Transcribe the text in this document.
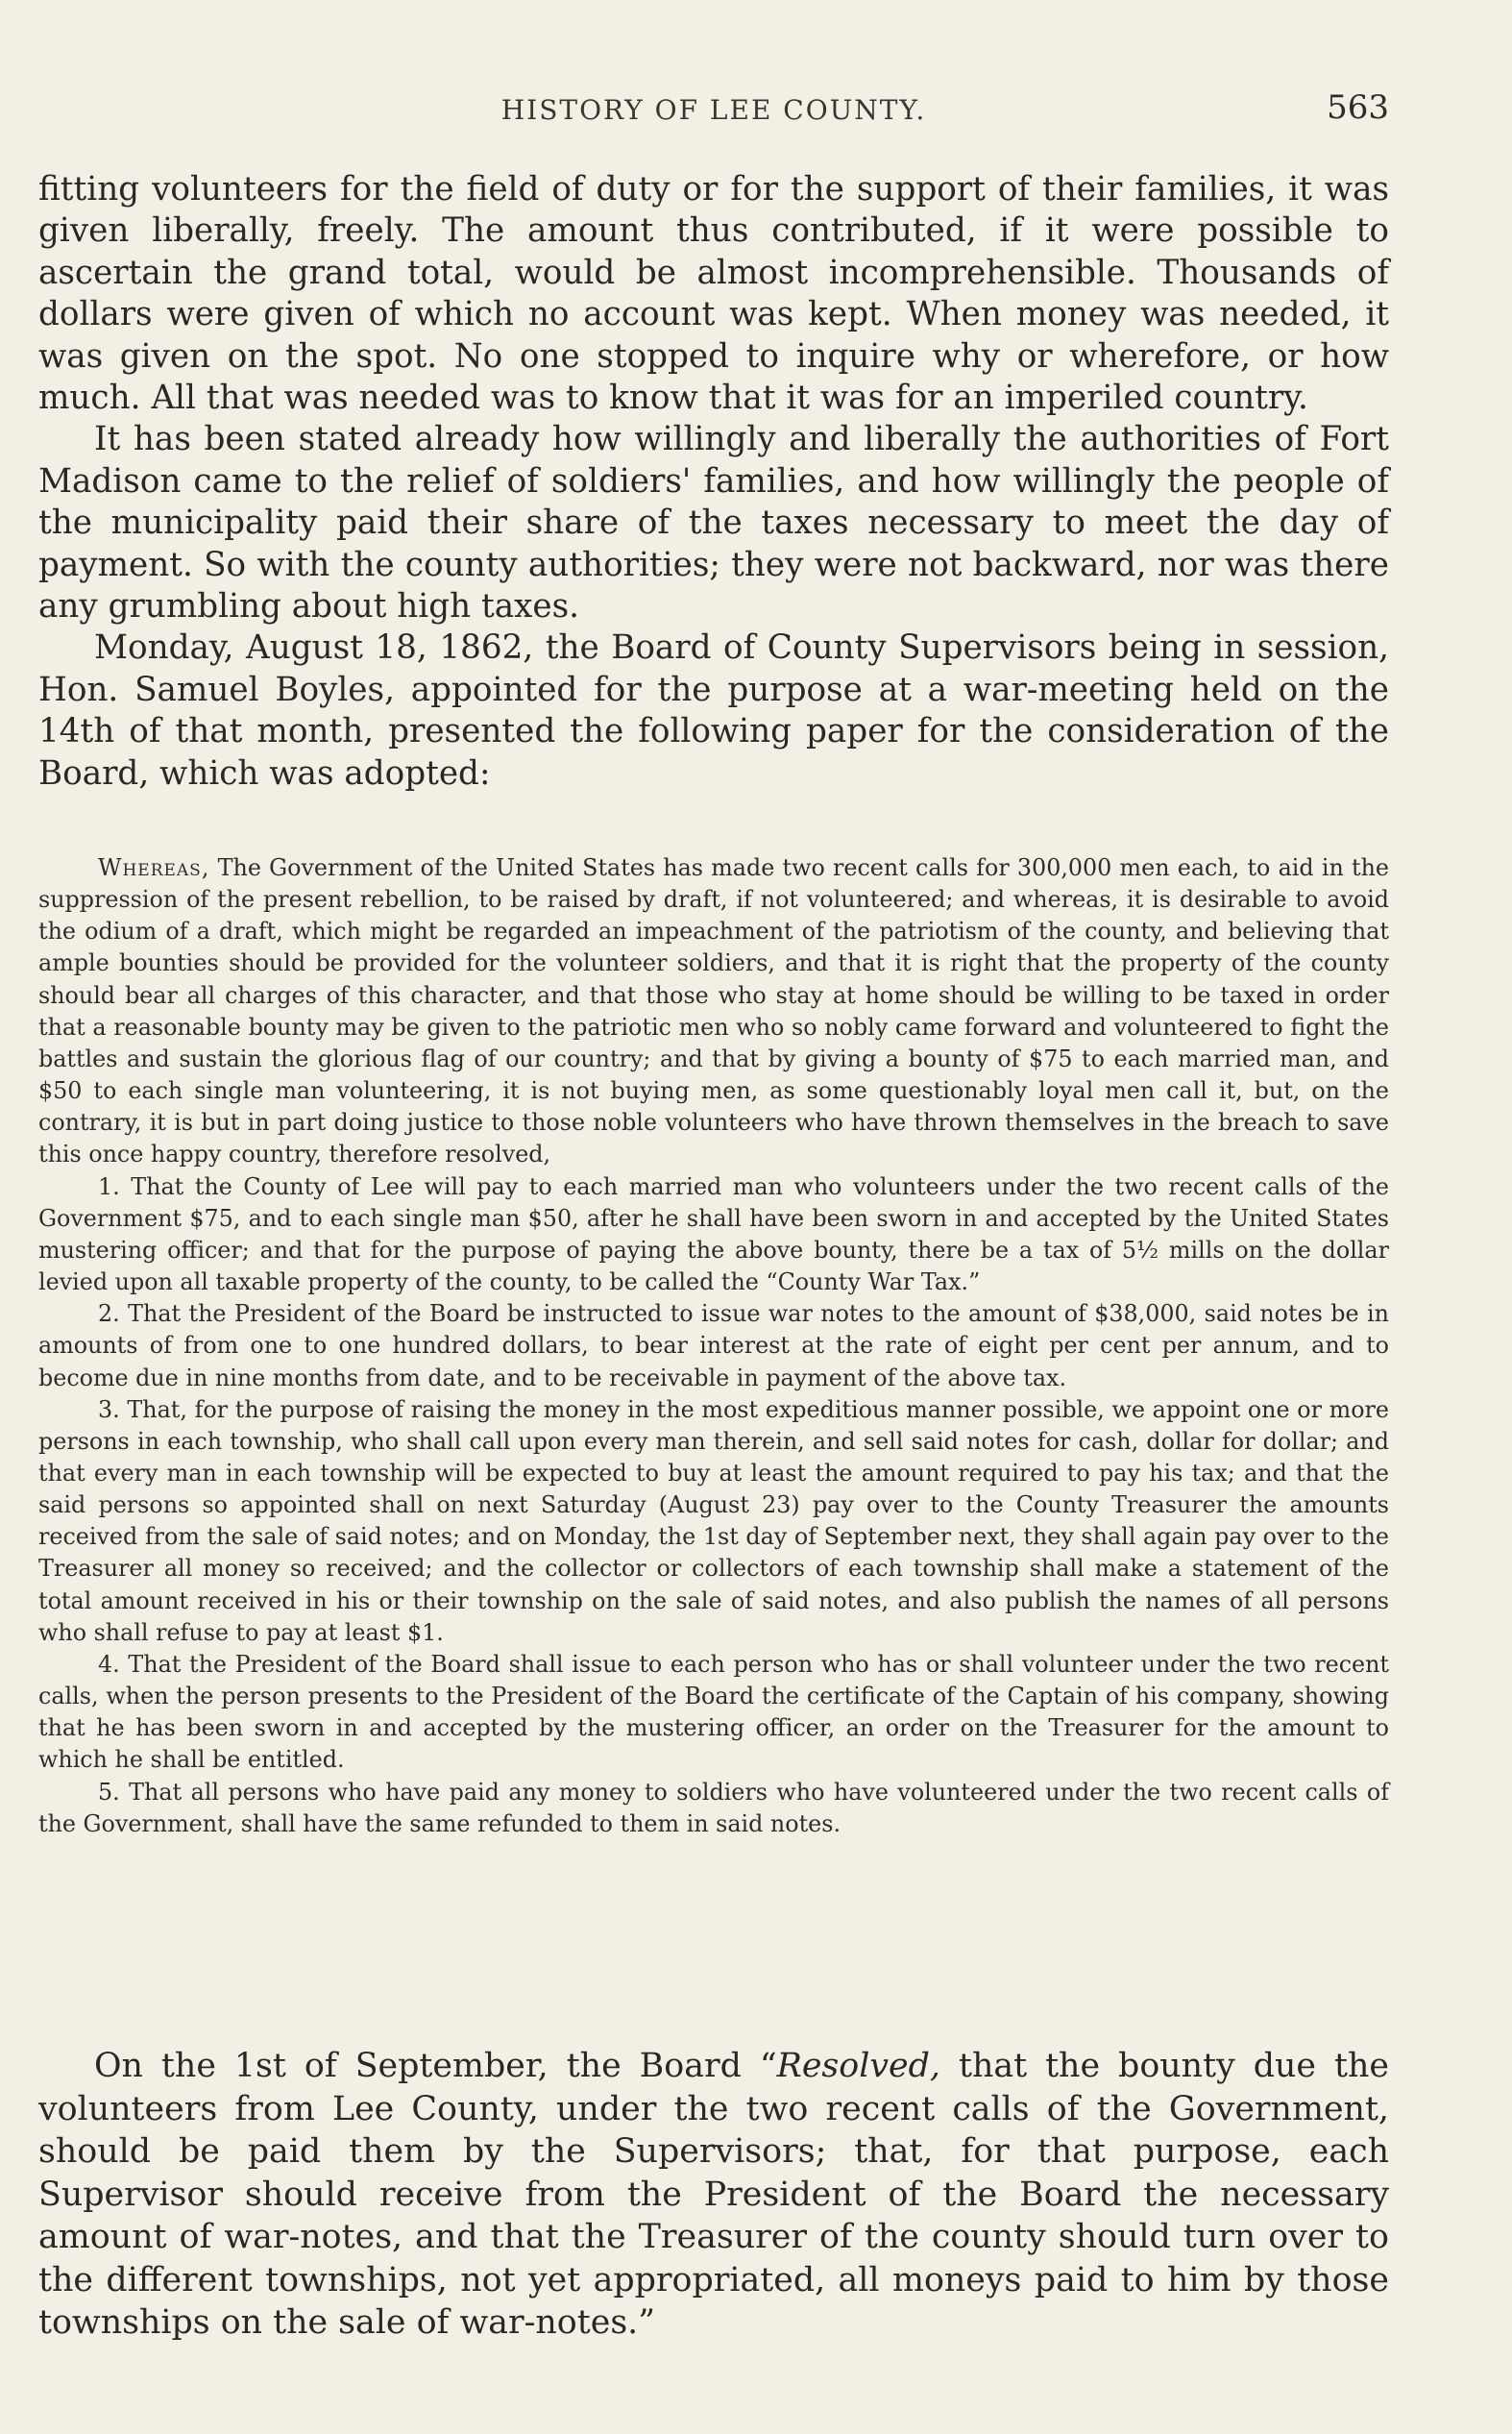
HISTORY OF LEE COUNTY.	563

fitting volunteers for the field of duty or for the support of their families, it was given liberally, freely. The amount thus contributed, if it were possible to ascertain the grand total, would be almost incomprehensible. Thousands of dollars were given of which no account was kept. When money was needed, it was given on the spot. No one stopped to inquire why or wherefore, or how much. All that was needed was to know that it was for an imperiled country.

It has been stated already how willingly and liberally the authorities of Fort Madison came to the relief of soldiers' families, and how willingly the people of the municipality paid their share of the taxes necessary to meet the day of payment. So with the county authorities; they were not backward, nor was there any grumbling about high taxes.

Monday, August 18, 1862, the Board of County Supervisors being in session, Hon. Samuel Boyles, appointed for the purpose at a war-meeting held on the 14th of that month, presented the following paper for the consideration of the Board, which was adopted:

Whereas, The Government of the United States has made two recent calls for 300,000 men each, to aid in the suppression of the present rebellion, to be raised by draft, if not volunteered; and whereas, it is desirable to avoid the odium of a draft, which might be regarded an impeachment of the patriotism of the county, and believing that ample bounties should be provided for the volunteer soldiers, and that it is right that the property of the county should bear all charges of this character, and that those who stay at home should be willing to be taxed in order that a reasonable bounty may be given to the patriotic men who so nobly came forward and volunteered to fight the battles and sustain the glorious flag of our country; and that by giving a bounty of $75 to each married man, and $50 to each single man volunteering, it is not buying men, as some questionably loyal men call it, but, on the contrary, it is but in part doing justice to those noble volunteers who have thrown themselves in the breach to save this once happy country, therefore resolved,

1. That the County of Lee will pay to each married man who volunteers under the two recent calls of the Government $75, and to each single man $50, after he shall have been sworn in and accepted by the United States mustering officer; and that for the purpose of paying the above bounty, there be a tax of 5½ mills on the dollar levied upon all taxable property of the county, to be called the “County War Tax.”

2. That the President of the Board be instructed to issue war notes to the amount of $38,000, said notes be in amounts of from one to one hundred dollars, to bear interest at the rate of eight per cent per annum, and to become due in nine months from date, and to be receivable in payment of the above tax.

3. That, for the purpose of raising the money in the most expeditious manner possible, we appoint one or more persons in each township, who shall call upon every man therein, and sell said notes for cash, dollar for dollar; and that every man in each township will be expected to buy at least the amount required to pay his tax; and that the said persons so appointed shall on next Saturday (August 23) pay over to the County Treasurer the amounts received from the sale of said notes; and on Monday, the 1st day of September next, they shall again pay over to the Treasurer all money so received; and the collector or collectors of each township shall make a statement of the total amount received in his or their township on the sale of said notes, and also publish the names of all persons who shall refuse to pay at least $1.

4. That the President of the Board shall issue to each person who has or shall volunteer under the two recent calls, when the person presents to the President of the Board the certificate of the Captain of his company, showing that he has been sworn in and accepted by the mustering officer, an order on the Treasurer for the amount to which he shall be entitled.

5. That all persons who have paid any money to soldiers who have volunteered under the two recent calls of the Government, shall have the same refunded to them in said notes.

On the 1st of September, the Board “Resolved, that the bounty due the volunteers from Lee County, under the two recent calls of the Government, should be paid them by the Supervisors; that, for that purpose, each Supervisor should receive from the President of the Board the necessary amount of war-notes, and that the Treasurer of the county should turn over to the different townships, not yet appropriated, all moneys paid to him by those townships on the sale of war-notes.”
